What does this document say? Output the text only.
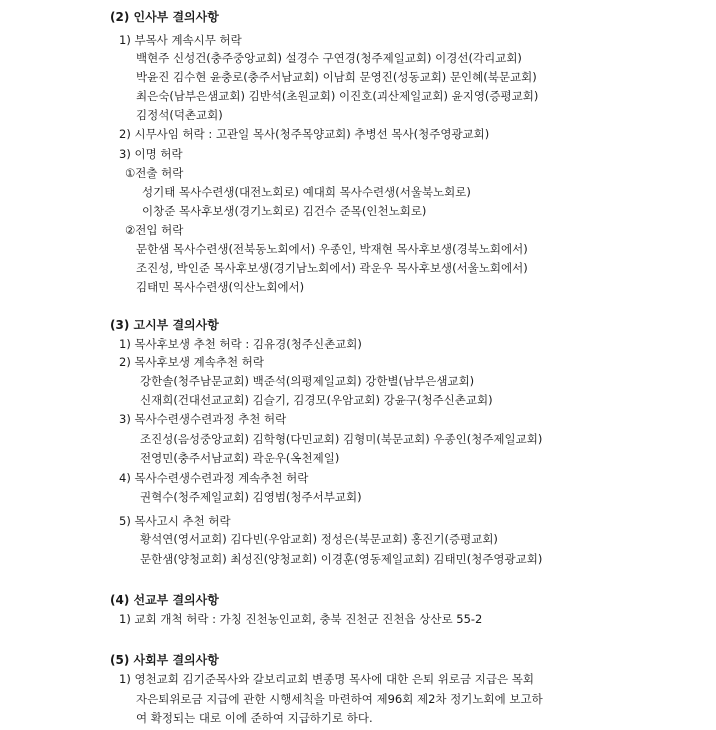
(2) 인사부 결의사항
1) 부목사 계속시무 허락
백현주 신성건(충주중앙교회) 설경수 구연경(청주제일교회) 이경선(각리교회)
박윤진 김수현 윤충로(충주서남교회) 이남희 문영진(성동교회) 문인혜(북문교회)
최은숙(남부은샘교회) 김반석(초원교회) 이진호(괴산제일교회) 윤지영(증평교회)
김정석(덕촌교회)
2) 시무사임 허락 : 고관일 목사(청주목양교회) 추병선 목사(청주영광교회)
3) 이명 허락
①전출 허락
성기태 목사수련생(대전노회로) 예대희 목사수련생(서울북노회로)
이창준 목사후보생(경기노회로) 김건수 준목(인천노회로)
②전입 허락
문한샘 목사수련생(전북동노회에서) 우종인, 박재현 목사후보생(경북노회에서)
조진성, 박인준 목사후보생(경기남노회에서) 곽운우 목사후보생(서울노회에서)
김태민 목사수련생(익산노회에서)
(3) 고시부 결의사항
1) 목사후보생 추천 허락 : 김유경(청주신촌교회)
2) 목사후보생 계속추천 허락
강한솔(청주남문교회) 백준석(의평제일교회) 강한별(남부은샘교회)
신재희(건대선교교회) 김슬기, 김경모(우암교회) 강윤구(청주신촌교회)
3) 목사수련생수련과정 추천 허락
조진성(음성중앙교회) 김학형(다민교회) 김형미(북문교회) 우종인(청주제일교회)
전영민(충주서남교회) 곽운우(옥천제일)
4) 목사수련생수련과정 계속추천 허락
권혁수(청주제일교회) 김영범(청주서부교회)
5) 목사고시 추천 허락
황석연(영서교회) 김다빈(우암교회) 정성은(북문교회) 홍진기(증평교회)
문한샘(양청교회) 최성진(양청교회) 이경훈(영동제일교회) 김태민(청주영광교회)
(4) 선교부 결의사항
1) 교회 개척 허락 : 가칭 진천농인교회, 충북 진천군 진천읍 상산로 55-2
(5) 사회부 결의사항
1) 영천교회 김기준목사와 갈보리교회 변종명 목사에 대한 은퇴 위로금 지급은 목회
자은퇴위로금 지급에 관한 시행세칙을 마련하여 제96회 제2차 정기노회에 보고하
여 확정되는 대로 이에 준하여 지급하기로 하다.
